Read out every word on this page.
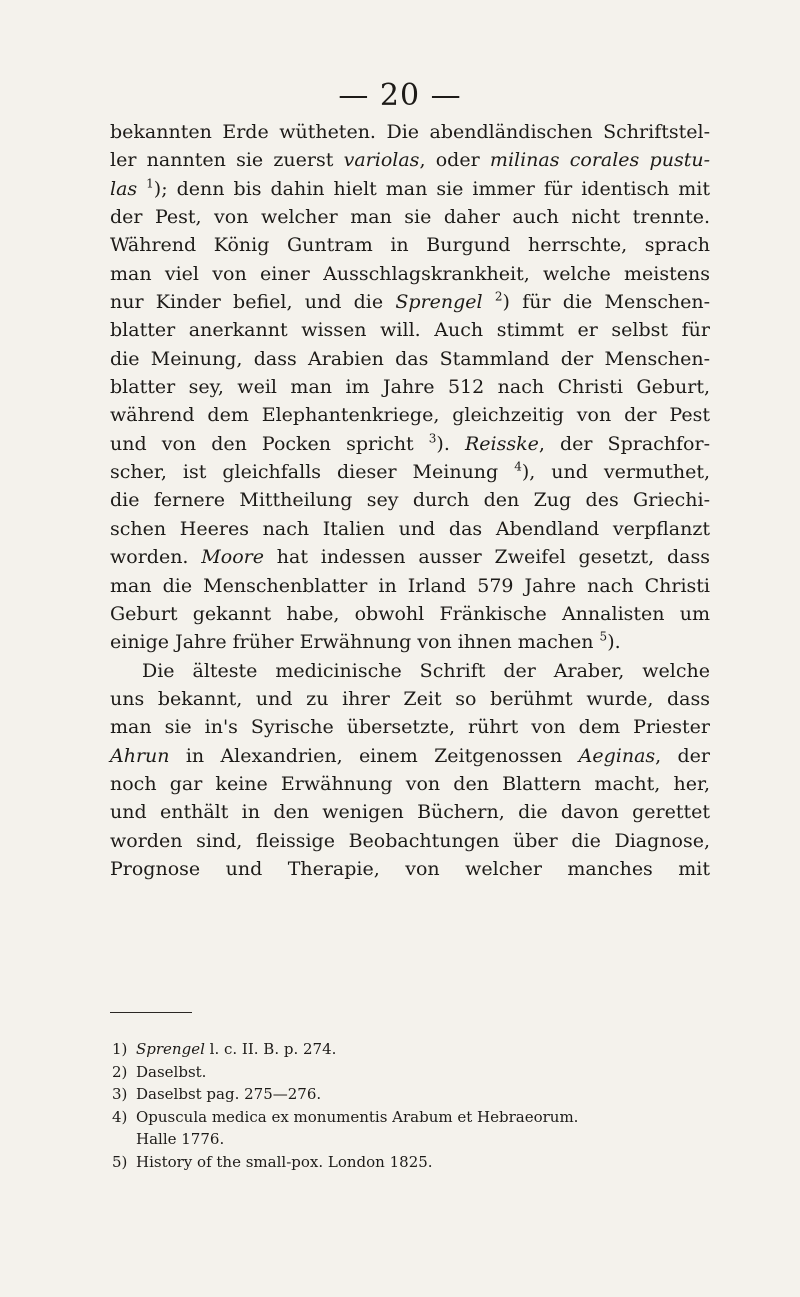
— 20 —
bekannten Erde wütheten. Die abendländischen Schriftstel-
ler nannten sie zuerst variolas, oder milinas corales pustu-
las $^1$); denn bis dahin hielt man sie immer für identisch mit
der Pest, von welcher man sie daher auch nicht trennte.
Während König Guntram in Burgund herrschte, sprach
man viel von einer Ausschlagskrankheit, welche meistens
nur Kinder befiel, und die Sprengel $^2$) für die Menschen-
blatter anerkannt wissen will. Auch stimmt er selbst für
die Meinung, dass Arabien das Stammland der Menschen-
blatter sey, weil man im Jahre 512 nach Christi Geburt,
während dem Elephantenkriege, gleichzeitig von der Pest
und von den Pocken spricht $^3$). Reisske, der Sprachfor-
scher, ist gleichfalls dieser Meinung $^4$), und vermuthet,
die fernere Mittheilung sey durch den Zug des Griechi-
schen Heeres nach Italien und das Abendland verpflanzt
worden. Moore hat indessen ausser Zweifel gesetzt, dass
man die Menschenblatter in Irland 579 Jahre nach Christi
Geburt gekannt habe, obwohl Fränkische Annalisten um
einige Jahre früher Erwähnung von ihnen machen $^5$).
Die älteste medicinische Schrift der Araber, welche
uns bekannt, und zu ihrer Zeit so berühmt wurde, dass
man sie in's Syrische übersetzte, rührt von dem Priester
Ahrun in Alexandrien, einem Zeitgenossen Aeginas, der
noch gar keine Erwähnung von den Blattern macht, her,
und enthält in den wenigen Büchern, die davon gerettet
worden sind, fleissige Beobachtungen über die Diagnose,
Prognose und Therapie, von welcher manches mit
1) Sprengel l. c. II. B. p. 274.
2) Daselbst.
3) Daselbst pag. 275—276.
4) Opuscula medica ex monumentis Arabum et Hebraeorum.
Halle 1776.
5) History of the small-pox. London 1825.
